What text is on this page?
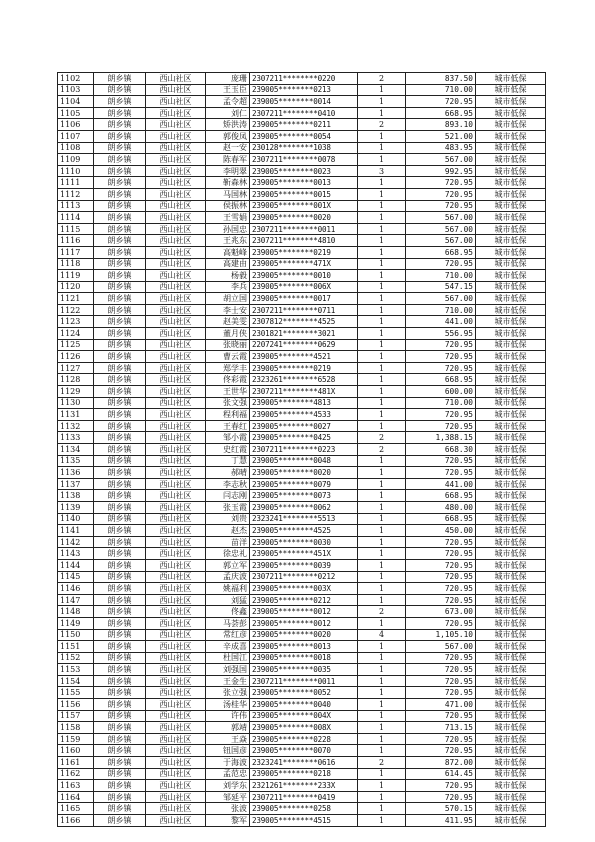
1102	朗乡镇	西山社区	庞珊	2307211********0220	2	837.50	城市低保
1103	朗乡镇	西山社区	王玉臣	239005********0213	1	710.00	城市低保
1104	朗乡镇	西山社区	孟令超	239005********0014	1	720.95	城市低保
1105	朗乡镇	西山社区	刘仁	2307211********0410	1	668.95	城市低保
1106	朗乡镇	西山社区	矫洪涛	239005********0211	2	893.10	城市低保
1107	朗乡镇	西山社区	郭俊凤	239005********0054	1	521.00	城市低保
1108	朗乡镇	西山社区	赵一安	230128********1038	1	483.95	城市低保
1109	朗乡镇	西山社区	陈春军	2307211********0078	1	567.00	城市低保
1110	朗乡镇	西山社区	李明翠	239005********0023	3	992.95	城市低保
1111	朗乡镇	西山社区	靳森林	239005********0013	1	720.95	城市低保
1112	朗乡镇	西山社区	马国林	239005********0015	1	720.95	城市低保
1113	朗乡镇	西山社区	侯振林	239005********001X	1	720.95	城市低保
1114	朗乡镇	西山社区	王雪娟	239005********0020	1	567.00	城市低保
1115	朗乡镇	西山社区	孙国忠	2307211********0011	1	567.00	城市低保
1116	朗乡镇	西山社区	王兆东	2307211********4810	1	567.00	城市低保
1117	朗乡镇	西山社区	高魁峰	239005********0219	1	668.95	城市低保
1118	朗乡镇	西山社区	高建由	239005********471X	1	720.95	城市低保
1119	朗乡镇	西山社区	杨毅	239005********0010	1	710.00	城市低保
1120	朗乡镇	西山社区	李兵	239005********006X	1	547.15	城市低保
1121	朗乡镇	西山社区	胡立国	239005********0017	1	567.00	城市低保
1122	朗乡镇	西山社区	李士安	2307211********0711	1	710.00	城市低保
1123	朗乡镇	西山社区	赵美雯	2307812********4525	1	441.00	城市低保
1124	朗乡镇	西山社区	董月侠	2301821********3021	1	556.95	城市低保
1125	朗乡镇	西山社区	张晓丽	2207241********0629	1	720.95	城市低保
1126	朗乡镇	西山社区	曹云霞	239005********4521	1	720.95	城市低保
1127	朗乡镇	西山社区	郑学丰	239005********0219	1	720.95	城市低保
1128	朗乡镇	西山社区	佟彩霞	2323261********6528	1	668.95	城市低保
1129	朗乡镇	西山社区	王世华	2307211********481X	1	600.00	城市低保
1130	朗乡镇	西山社区	张文强	239005********4813	1	710.00	城市低保
1131	朗乡镇	西山社区	程利福	239005********4533	1	720.95	城市低保
1132	朗乡镇	西山社区	王春红	239005********0027	1	720.95	城市低保
1133	朗乡镇	西山社区	邹小霞	239005********0425	2	1,388.15	城市低保
1134	朗乡镇	西山社区	史红霞	2307211********0223	2	668.30	城市低保
1135	朗乡镇	西山社区	丁慧	239005********0048	1	720.95	城市低保
1136	朗乡镇	西山社区	郝晴	239005********0020	1	720.95	城市低保
1137	朗乡镇	西山社区	李志秋	239005********0079	1	441.00	城市低保
1138	朗乡镇	西山社区	闫志刚	239005********0073	1	668.95	城市低保
1139	朗乡镇	西山社区	张玉霞	239005********0062	1	480.00	城市低保
1140	朗乡镇	西山社区	刘贵	2323241********5513	1	668.95	城市低保
1141	朗乡镇	西山社区	赵杰	239005********4525	1	450.00	城市低保
1142	朗乡镇	西山社区	苗洋	239005********0030	1	720.95	城市低保
1143	朗乡镇	西山社区	徐忠礼	239005********451X	1	720.95	城市低保
1144	朗乡镇	西山社区	郭立军	239005********0039	1	720.95	城市低保
1145	朗乡镇	西山社区	孟庆波	2307211********0212	1	720.95	城市低保
1146	朗乡镇	西山社区	姚福利	239005********003X	1	720.95	城市低保
1147	朗乡镇	西山社区	刘猛	239005********0212	1	720.95	城市低保
1148	朗乡镇	西山社区	佟鑫	239005********0012	2	673.00	城市低保
1149	朗乡镇	西山社区	马荟彭	239005********0012	1	720.95	城市低保
1150	朗乡镇	西山社区	常红彦	239005********0020	4	1,105.10	城市低保
1151	朗乡镇	西山社区	辛成喜	239005********0013	1	567.00	城市低保
1152	朗乡镇	西山社区	杜国江	239005********0018	1	720.95	城市低保
1153	朗乡镇	西山社区	刘强国	239005********0035	1	720.95	城市低保
1154	朗乡镇	西山社区	王金生	2307211********0011	1	720.95	城市低保
1155	朗乡镇	西山社区	张立强	239005********0052	1	720.95	城市低保
1156	朗乡镇	西山社区	汤桂华	239005********0040	1	471.00	城市低保
1157	朗乡镇	西山社区	许伟	239005********004X	1	720.95	城市低保
1158	朗乡镇	西山社区	郭靖	239005********008X	1	713.15	城市低保
1159	朗乡镇	西山社区	王焱	239005********0228	1	720.95	城市低保
1160	朗乡镇	西山社区	钮国彦	239005********0070	1	720.95	城市低保
1161	朗乡镇	西山社区	于海波	2323241********0616	2	872.00	城市低保
1162	朗乡镇	西山社区	孟范忠	239005********0218	1	614.45	城市低保
1163	朗乡镇	西山社区	刘学东	2321261********233X	1	720.95	城市低保
1164	朗乡镇	西山社区	邹延平	2307211********0419	1	720.95	城市低保
1165	朗乡镇	西山社区	张波	239005********0258	1	570.15	城市低保
1166	朗乡镇	西山社区	黎军	239005********4515	1	411.95	城市低保
